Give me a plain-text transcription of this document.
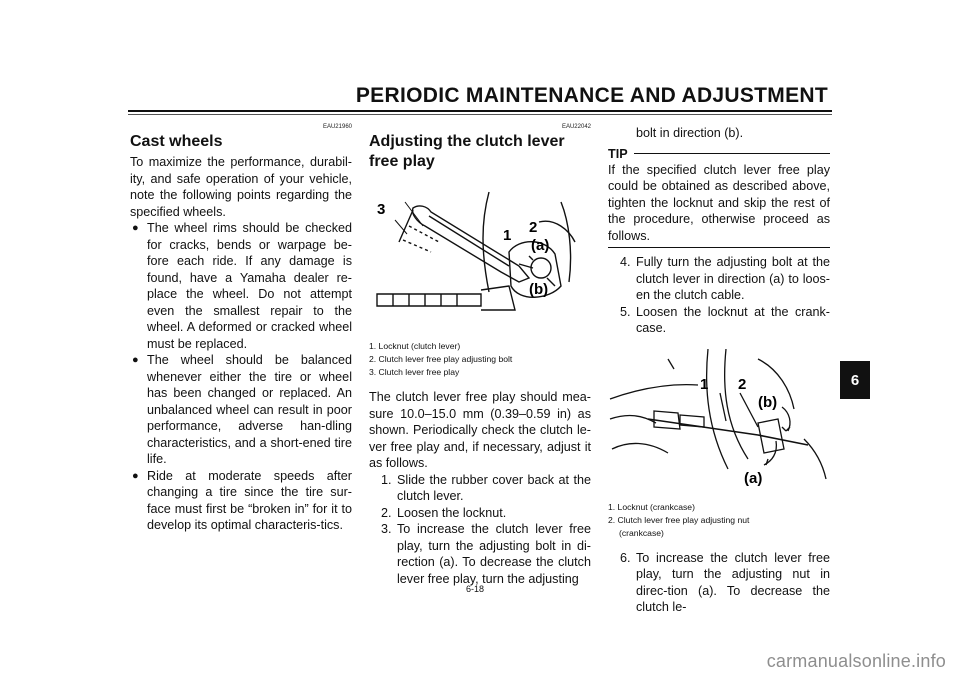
PERIODIC MAINTENANCE AND ADJUSTMENT
6
EAU21960
Cast wheels
To maximize the performance, durabil-ity, and safe operation of your vehicle, note the following points regarding the specified wheels.
● The wheel rims should be checked for cracks, bends or warpage be-fore each ride. If any damage is found, have a Yamaha dealer re-place the wheel. Do not attempt even the smallest repair to the wheel. A deformed or cracked wheel must be replaced.
● The wheel should be balanced whenever either the tire or wheel has been changed or replaced. An unbalanced wheel can result in poor performance, adverse han-dling characteristics, and a short-ened tire life.
● Ride at moderate speeds after changing a tire since the tire sur-face must first be “broken in” for it to develop its optimal characteris-tics.
EAU22042
Adjusting the clutch lever free play
3
1 2
(a)
(b)
1. Locknut (clutch lever)
2. Clutch lever free play adjusting bolt
3. Clutch lever free play
The clutch lever free play should mea-sure 10.0–15.0 mm (0.39–0.59 in) as shown. Periodically check the clutch le-ver free play and, if necessary, adjust it as follows.
1. Slide the rubber cover back at the clutch lever.
2. Loosen the locknut.
3. To increase the clutch lever free play, turn the adjusting bolt in di-rection (a). To decrease the clutch lever free play, turn the adjusting
bolt in direction (b).
TIP
If the specified clutch lever free play could be obtained as described above, tighten the locknut and skip the rest of the procedure, otherwise proceed as follows.
4. Fully turn the adjusting bolt at the clutch lever in direction (a) to loos-en the clutch cable.
5. Loosen the locknut at the crank-case.
1 2
(b)
(a)
1. Locknut (crankcase)
2. Clutch lever free play adjusting nut
(crankcase)
6. To increase the clutch lever free play, turn the adjusting nut in direc-tion (a). To decrease the clutch le-
6-18
carmanualsonline.info
